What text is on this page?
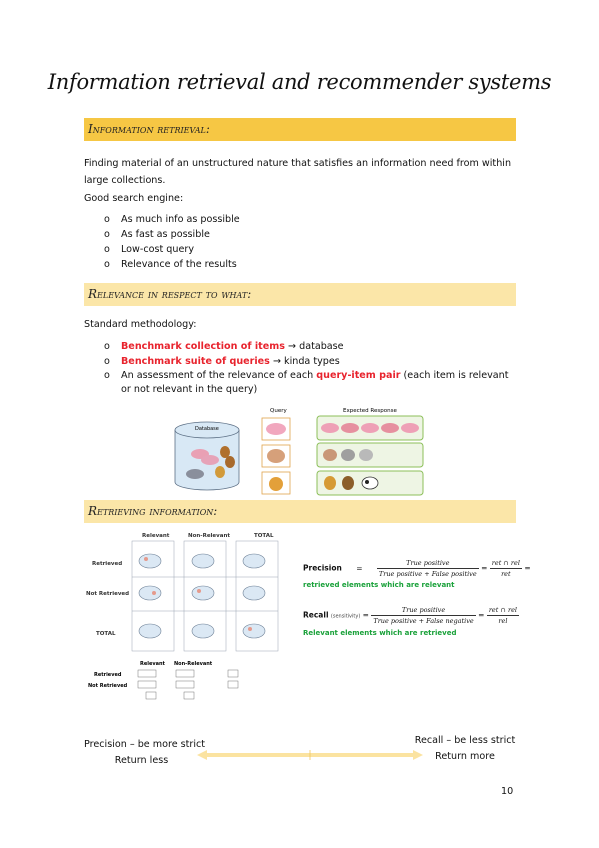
Information retrieval and recommender systems
Information retrieval:
Finding material of an unstructured nature that satisfies an information need from within large collections.
Good search engine:
o As much info as possible
o As fast as possible
o Low-cost query
o Relevance of the results
Relevance in respect to what:
Standard methodology:
o Benchmark collection of items → database
o Benchmark suite of queries → kinda types
o An assessment of the relevance of each query-item pair (each item is relevant or not relevant in the query)
Query	Expected Response
Database
Retrieving information:
Relevant	Non-Relevant	TOTAL
Retrieved
Not Retrieved
TOTAL
Relevant Non-Relevant
Retrieved
Not Retrieved
Precision = $\frac{\text{True positive}}{\text{True positive + False positive}} = \frac{\text{ret ∩ rel}}{\text{ret}}$ =
retrieved elements which are relevant
Recall (sensitivity) = $\frac{\text{True positive}}{\text{True positive + False negative}} = \frac{\text{ret ∩ rel}}{\text{rel}}$
Relevant elements which are retrieved
Precision – be more strict
Return less
Recall – be less strict
Return more
10
